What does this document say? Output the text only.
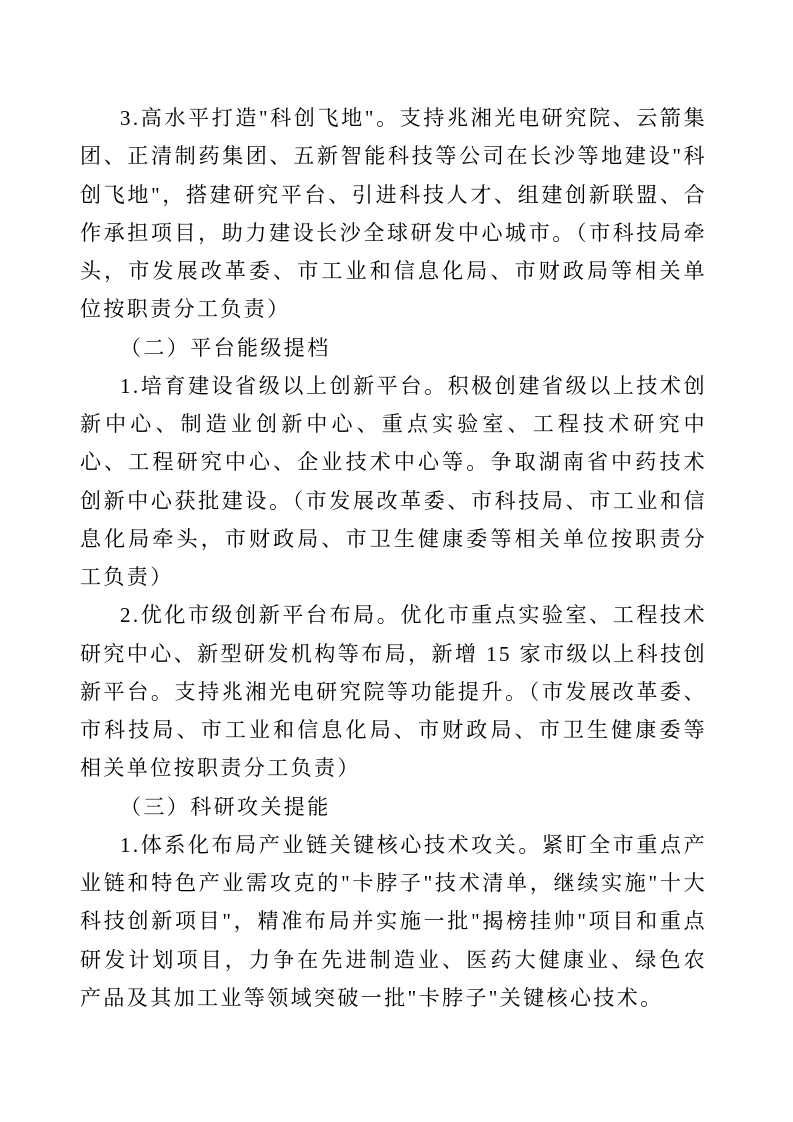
3.高水平打造"科创飞地"。支持兆湘光电研究院、云箭集团、正清制药集团、五新智能科技等公司在长沙等地建设"科创飞地"，搭建研究平台、引进科技人才、组建创新联盟、合作承担项目，助力建设长沙全球研发中心城市。（市科技局牵头，市发展改革委、市工业和信息化局、市财政局等相关单位按职责分工负责）

（二）平台能级提档

1.培育建设省级以上创新平台。积极创建省级以上技术创新中心、制造业创新中心、重点实验室、工程技术研究中心、工程研究中心、企业技术中心等。争取湖南省中药技术创新中心获批建设。（市发展改革委、市科技局、市工业和信息化局牵头，市财政局、市卫生健康委等相关单位按职责分工负责）

2.优化市级创新平台布局。优化市重点实验室、工程技术研究中心、新型研发机构等布局，新增 15 家市级以上科技创新平台。支持兆湘光电研究院等功能提升。（市发展改革委、市科技局、市工业和信息化局、市财政局、市卫生健康委等相关单位按职责分工负责）

（三）科研攻关提能

1.体系化布局产业链关键核心技术攻关。紧盯全市重点产业链和特色产业需攻克的"卡脖子"技术清单，继续实施"十大科技创新项目"，精准布局并实施一批"揭榜挂帅"项目和重点研发计划项目，力争在先进制造业、医药大健康业、绿色农产品及其加工业等领域突破一批"卡脖子"关键核心技术。
